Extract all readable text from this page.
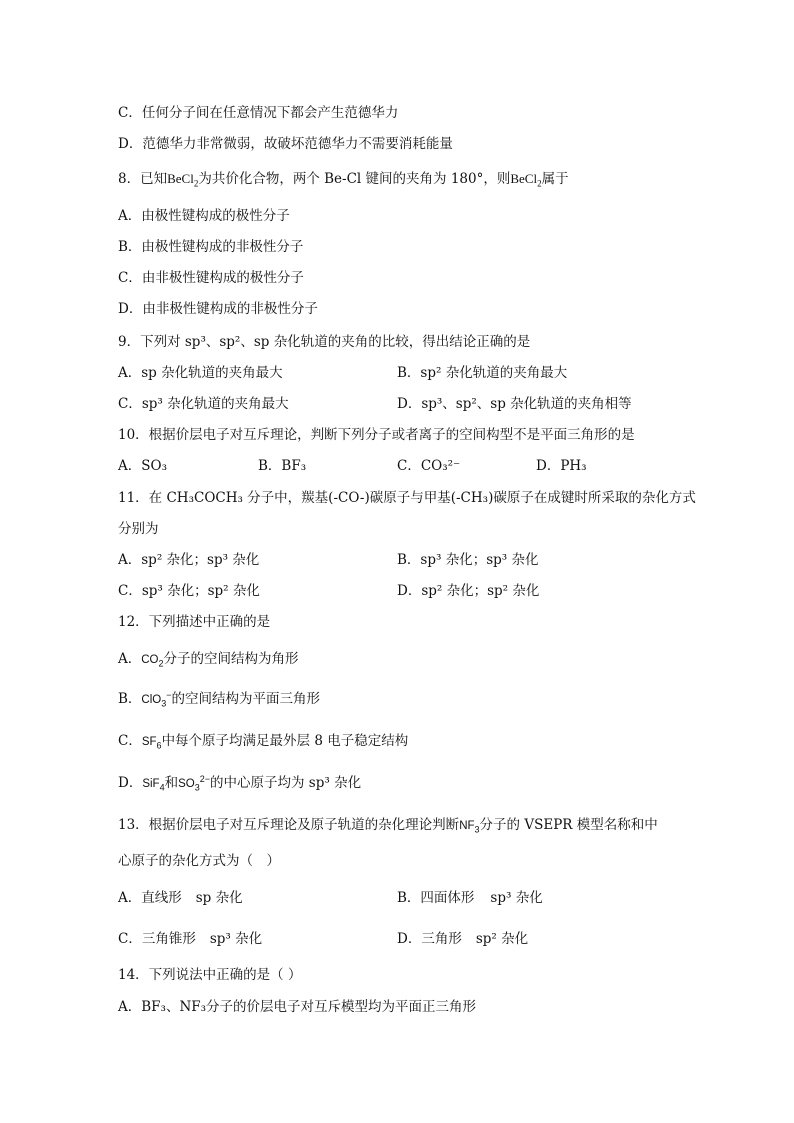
C．任何分子间在任意情况下都会产生范德华力
D．范德华力非常微弱，故破坏范德华力不需要消耗能量
8．已知BeCl$_2$为共价化合物，两个 Be-Cl 键间的夹角为 180°，则BeCl$_2$属于
A．由极性键构成的极性分子
B．由极性键构成的非极性分子
C．由非极性键构成的极性分子
D．由非极性键构成的非极性分子
9．下列对 sp³、sp²、sp 杂化轨道的夹角的比较，得出结论正确的是
A．sp 杂化轨道的夹角最大	B．sp² 杂化轨道的夹角最大
C．sp³ 杂化轨道的夹角最大	D．sp³、sp²、sp 杂化轨道的夹角相等
10．根据价层电子对互斥理论，判断下列分子或者离子的空间构型不是平面三角形的是
A．SO₃	B．BF₃	C．CO₃²⁻	D．PH₃
11．在 CH₃COCH₃ 分子中，羰基(-CO-)碳原子与甲基(-CH₃)碳原子在成键时所采取的杂化方式
分别为
A．sp² 杂化；sp³ 杂化	B．sp³ 杂化；sp³ 杂化
C．sp³ 杂化；sp² 杂化	D．sp² 杂化；sp² 杂化
12．下列描述中正确的是
A．$CO_2$分子的空间结构为角形
B．ClO$_3$−的空间结构为平面三角形
C．$SF_6$中每个原子均满足最外层 8 电子稳定结构
D．SiF$_4$和$SO_3^{2-}$的中心原子均为 sp³ 杂化
13．根据价层电子对互斥理论及原子轨道的杂化理论判断$NF_3$分子的 VSEPR 模型名称和中
心原子的杂化方式为（　）
A．直线形 sp 杂化	B．四面体形 sp³ 杂化
C．三角锥形 sp³ 杂化	D．三角形 sp² 杂化
14．下列说法中正确的是（ ）
A．BF₃、NF₃分子的价层电子对互斥模型均为平面正三角形
